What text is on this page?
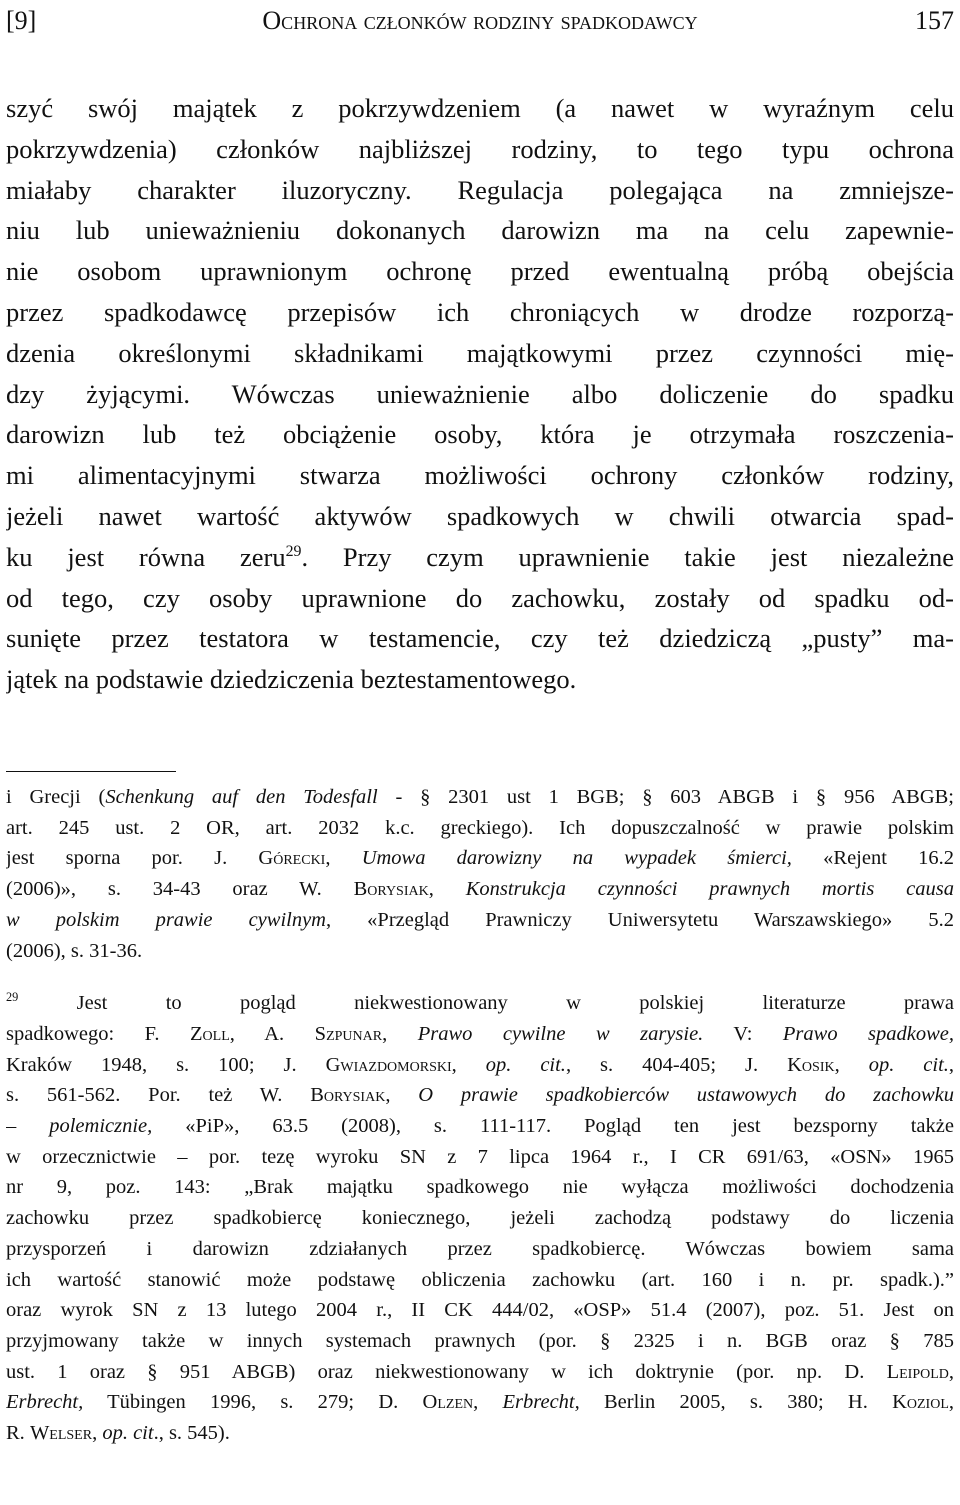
[9]	Ochrona członków rodziny spadkodawcy	157
szyć swój majątek z pokrzywdzeniem (a nawet w wyraźnym celu
pokrzywdzenia) członków najbliższej rodziny, to tego typu ochrona
miałaby charakter iluzoryczny. Regulacja polegająca na zmniejsze-
niu lub unieważnieniu dokonanych darowizn ma na celu zapewnie-
nie osobom uprawnionym ochronę przed ewentualną próbą obejścia
przez spadkodawcę przepisów ich chroniących w drodze rozporzą-
dzenia określonymi składnikami majątkowymi przez czynności mię-
dzy żyjącymi. Wówczas unieważnienie albo doliczenie do spadku
darowizn lub też obciążenie osoby, która je otrzymała roszczenia-
mi alimentacyjnymi stwarza możliwości ochrony członków rodziny,
jeżeli nawet wartość aktywów spadkowych w chwili otwarcia spad-
ku jest równa zeru$^{29}$. Przy czym uprawnienie takie jest niezależne
od tego, czy osoby uprawnione do zachowku, zostały od spadku od-
sunięte przez testatora w testamencie, czy też dziedziczą „pusty” ma-
jątek na podstawie dziedziczenia beztestamentowego.
i Grecji (Schenkung auf den Todesfall - § 2301 ust 1 BGB; § 603 ABGB i § 956 ABGB;
art. 245 ust. 2 OR, art. 2032 k.c. greckiego). Ich dopuszczalność w prawie polskim
jest sporna por. J. Górecki, Umowa darowizny na wypadek śmierci, «Rejent 16.2
(2006)», s. 34-43 oraz W. Borysiak, Konstrukcja czynności prawnych mortis causa
w polskim prawie cywilnym, «Przegląd Prawniczy Uniwersytetu Warszawskiego» 5.2
(2006), s. 31-36.
$^{29}$ Jest to pogląd niekwestionowany w polskiej literaturze prawa
spadkowego: F. Zoll, A. Szpunar, Prawo cywilne w zarysie. V: Prawo spadkowe,
Kraków 1948, s. 100; J. Gwiazdomorski, op. cit., s. 404-405; J. Kosik, op. cit.,
s. 561-562. Por. też W. Borysiak, O prawie spadkobierców ustawowych do zachowku
– polemicznie, «PiP», 63.5 (2008), s. 111-117. Pogląd ten jest bezsporny także
w orzecznictwie – por. tezę wyroku SN z 7 lipca 1964 r., I CR 691/63, «OSN» 1965
nr 9, poz. 143: „Brak majątku spadkowego nie wyłącza możliwości dochodzenia
zachowku przez spadkobiercę koniecznego, jeżeli zachodzą podstawy do liczenia
przysporzeń i darowizn zdziałanych przez spadkobiercę. Wówczas bowiem sama
ich wartość stanowić może podstawę obliczenia zachowku (art. 160 i n. pr. spadk.).”
oraz wyrok SN z 13 lutego 2004 r., II CK 444/02, «OSP» 51.4 (2007), poz. 51. Jest on
przyjmowany także w innych systemach prawnych (por. § 2325 i n. BGB oraz § 785
ust. 1 oraz § 951 ABGB) oraz niekwestionowany w ich doktrynie (por. np. D. Leipold,
Erbrecht, Tübingen 1996, s. 279; D. Olzen, Erbrecht, Berlin 2005, s. 380; H. Koziol,
R. Welser, op. cit., s. 545).
